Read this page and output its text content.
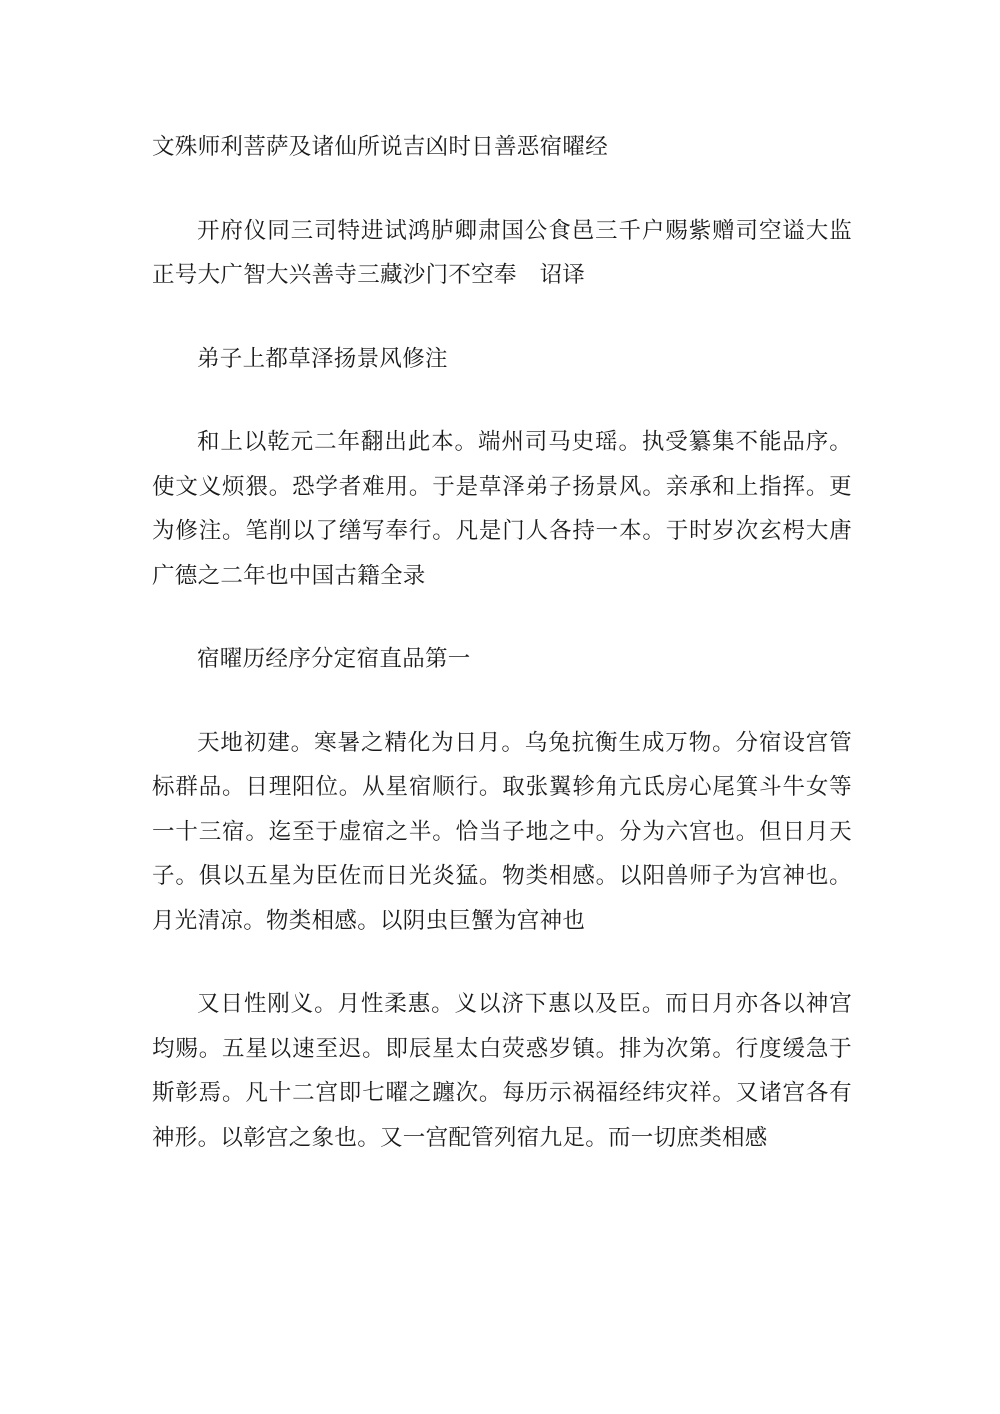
文殊师利菩萨及诸仙所说吉凶时日善恶宿曜经

开府仪同三司特进试鸿胪卿肃国公食邑三千户赐紫赠司空谥大监正号大广智大兴善寺三藏沙门不空奉　诏译

弟子上都草泽扬景风修注

和上以乾元二年翻出此本。端州司马史瑶。执受纂集不能品序。使文义烦猥。恐学者难用。于是草泽弟子扬景风。亲承和上指挥。更为修注。笔削以了缮写奉行。凡是门人各持一本。于时岁次玄枵大唐广德之二年也中国古籍全录

宿曜历经序分定宿直品第一

天地初建。寒暑之精化为日月。乌兔抗衡生成万物。分宿设宫管标群品。日理阳位。从星宿顺行。取张翼轸角亢氐房心尾箕斗牛女等一十三宿。迄至于虚宿之半。恰当子地之中。分为六宫也。但日月天子。俱以五星为臣佐而日光炎猛。物类相感。以阳兽师子为宫神也。月光清凉。物类相感。以阴虫巨蟹为宫神也

又日性刚义。月性柔惠。义以济下惠以及臣。而日月亦各以神宫均赐。五星以速至迟。即辰星太白荧惑岁镇。排为次第。行度缓急于斯彰焉。凡十二宫即七曜之躔次。每历示祸福经纬灾祥。又诸宫各有神形。以彰宫之象也。又一宫配管列宿九足。而一切庶类相感
